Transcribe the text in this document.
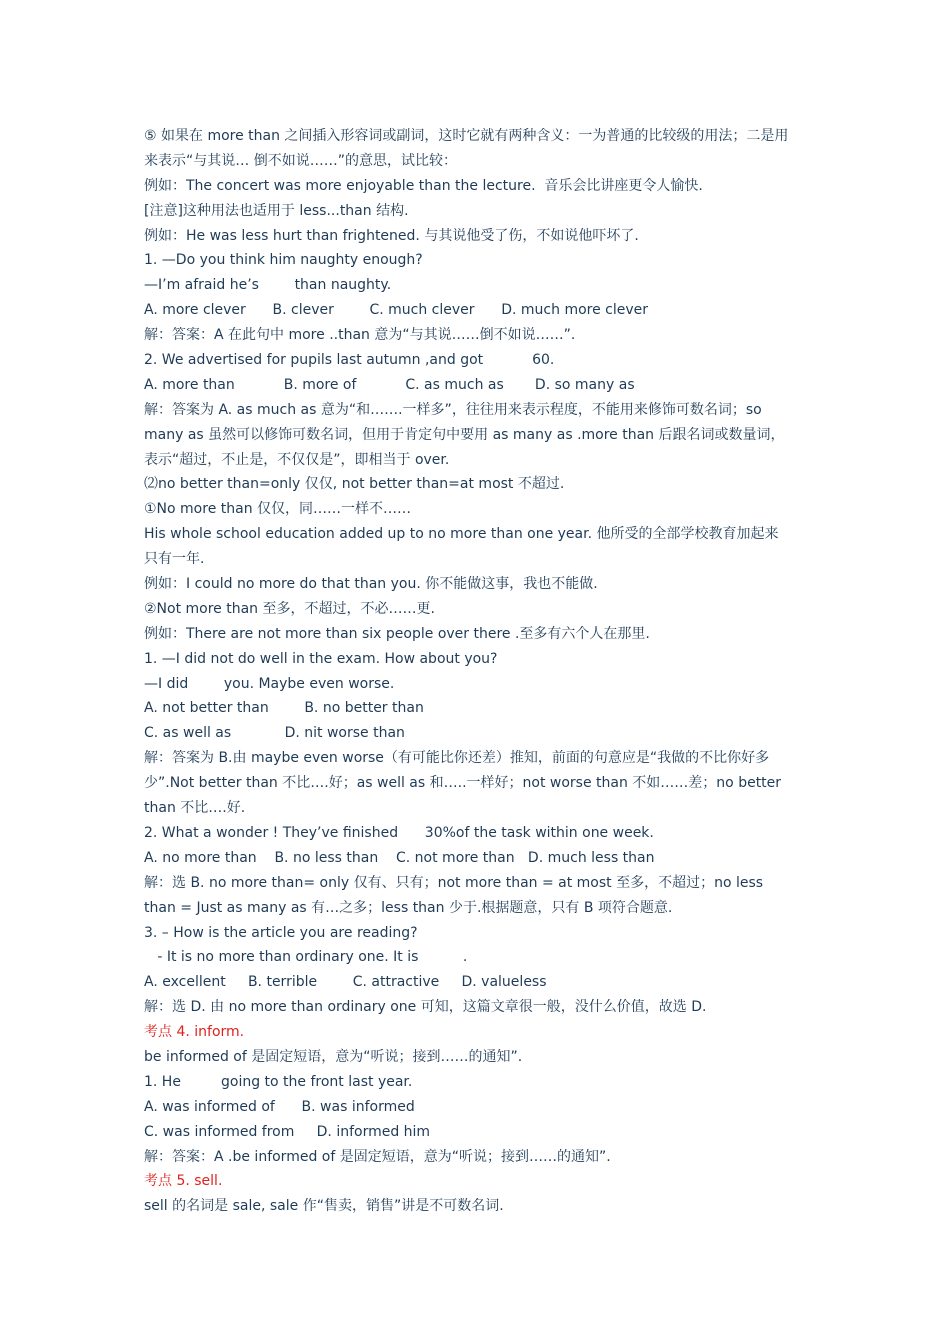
⑤ 如果在 more than 之间插入形容词或副词，这时它就有两种含义：一为普通的比较级的用法；二是用
来表示“与其说… 倒不如说……”的意思，试比较：
例如：The concert was more enjoyable than the lecture.  音乐会比讲座更令人愉快.
[注意]这种用法也适用于 less...than 结构.
例如：He was less hurt than frightened. 与其说他受了伤，不如说他吓坏了.
1. —Do you think him naughty enough?
—I’m afraid he’s        than naughty.
A. more clever      B. clever        C. much clever      D. much more clever
解：答案：A 在此句中 more ..than 意为“与其说……倒不如说……”.
2. We advertised for pupils last autumn ,and got           60.
A. more than           B. more of           C. as much as       D. so many as
解：答案为 A. as much as 意为“和…….一样多”，往往用来表示程度，不能用来修饰可数名词；so
many as 虽然可以修饰可数名词，但用于肯定句中要用 as many as .more than 后跟名词或数量词，
表示“超过，不止是，不仅仅是”，即相当于 over.
⑵no better than=only 仅仅, not better than=at most 不超过.
①No more than 仅仅，同……一样不……
His whole school education added up to no more than one year. 他所受的全部学校教育加起来
只有一年.
例如：I could no more do that than you. 你不能做这事，我也不能做.
②Not more than 至多，不超过，不必……更.
例如：There are not more than six people over there .至多有六个人在那里.
1. —I did not do well in the exam. How about you?
—I did        you. Maybe even worse.
A. not better than        B. no better than
C. as well as            D. nit worse than
解：答案为 B.由 maybe even worse（有可能比你还差）推知，前面的句意应是“我做的不比你好多
少”.Not better than 不比….好；as well as 和…..一样好；not worse than 不如……差；no better
than 不比….好.
2. What a wonder ! They’ve finished      30%of the task within one week.
A. no more than    B. no less than    C. not more than   D. much less than
解：选 B. no more than= only 仅有、只有；not more than = at most 至多，不超过；no less
than = Just as many as 有…之多；less than 少于.根据题意，只有 B 项符合题意.
3. – How is the article you are reading?
- It is no more than ordinary one. It is          .
A. excellent     B. terrible        C. attractive     D. valueless
解：选 D. 由 no more than ordinary one 可知，这篇文章很一般，没什么价值，故选 D.
考点 4. inform.
be informed of 是固定短语，意为“听说；接到……的通知”.
1. He         going to the front last year.
A. was informed of      B. was informed
C. was informed from     D. informed him
解：答案：A .be informed of 是固定短语，意为“听说；接到……的通知”.
考点 5. sell.
sell 的名词是 sale, sale 作“售卖，销售”讲是不可数名词.
